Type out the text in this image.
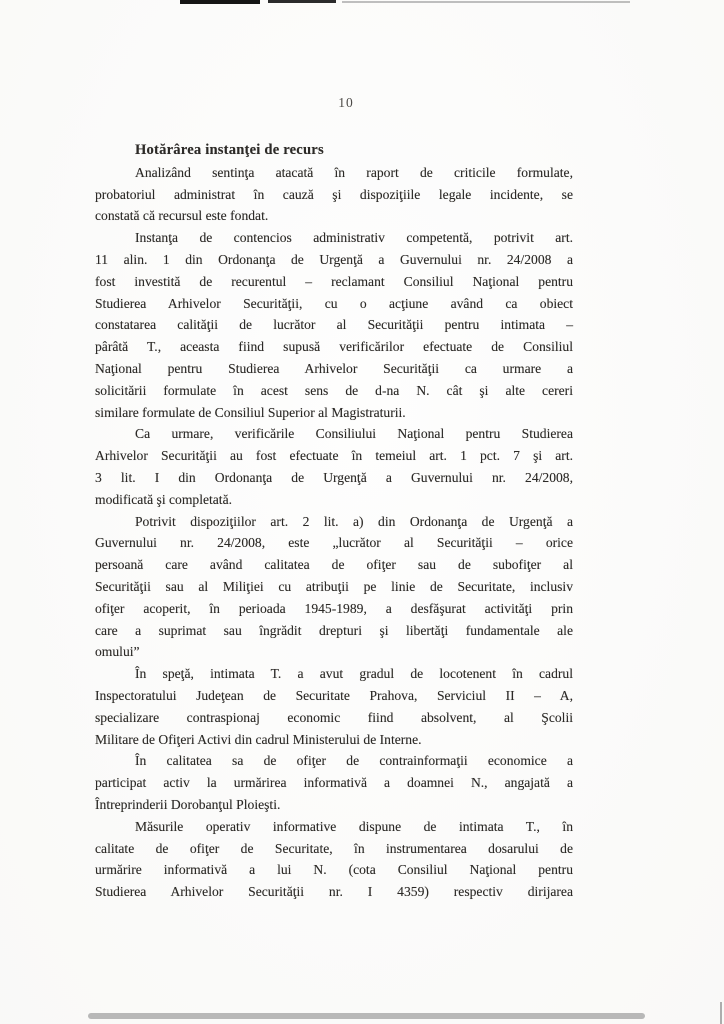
10
Hotărârea instanţei de recurs
Analizând sentinţa atacată în raport de criticile formulate,
probatoriul administrat în cauză şi dispoziţiile legale incidente, se
constată că recursul este fondat.
Instanţa de contencios administrativ competentă, potrivit art.
11 alin. 1 din Ordonanţa de Urgenţă a Guvernului nr. 24/2008 a
fost investită de recurentul – reclamant Consiliul Naţional pentru
Studierea Arhivelor Securităţii, cu o acţiune având ca obiect
constatarea calităţii de lucrător al Securităţii pentru intimata –
pârâtă T., aceasta fiind supusă verificărilor efectuate de Consiliul
Naţional pentru Studierea Arhivelor Securităţii ca urmare a
solicitării formulate în acest sens de d-na N. cât şi alte cereri
similare formulate de Consiliul Superior al Magistraturii.
Ca urmare, verificările Consiliului Naţional pentru Studierea
Arhivelor Securităţii au fost efectuate în temeiul art. 1 pct. 7 şi art.
3 lit. I din Ordonanţa de Urgenţă a Guvernului nr. 24/2008,
modificată şi completată.
Potrivit dispoziţiilor art. 2 lit. a) din Ordonanţa de Urgenţă a
Guvernului nr. 24/2008, este „lucrător al Securităţii – orice
persoană care având calitatea de ofiţer sau de subofiţer al
Securităţii sau al Miliţiei cu atribuţii pe linie de Securitate, inclusiv
ofiţer acoperit, în perioada 1945-1989, a desfăşurat activităţi prin
care a suprimat sau îngrădit drepturi şi libertăţi fundamentale ale
omului”
În speţă, intimata T. a avut gradul de locotenent în cadrul
Inspectoratului Judeţean de Securitate Prahova, Serviciul II – A,
specializare contraspionaj economic fiind absolvent, al Şcolii
Militare de Ofiţeri Activi din cadrul Ministerului de Interne.
În calitatea sa de ofiţer de contrainformaţii economice a
participat activ la urmărirea informativă a doamnei N., angajată a
Întreprinderii Dorobanţul Ploieşti.
Măsurile operativ informative dispune de intimata T., în
calitate de ofiţer de Securitate, în instrumentarea dosarului de
urmărire informativă a lui N. (cota Consiliul Naţional pentru
Studierea Arhivelor Securităţii nr. I 4359) respectiv dirijarea
